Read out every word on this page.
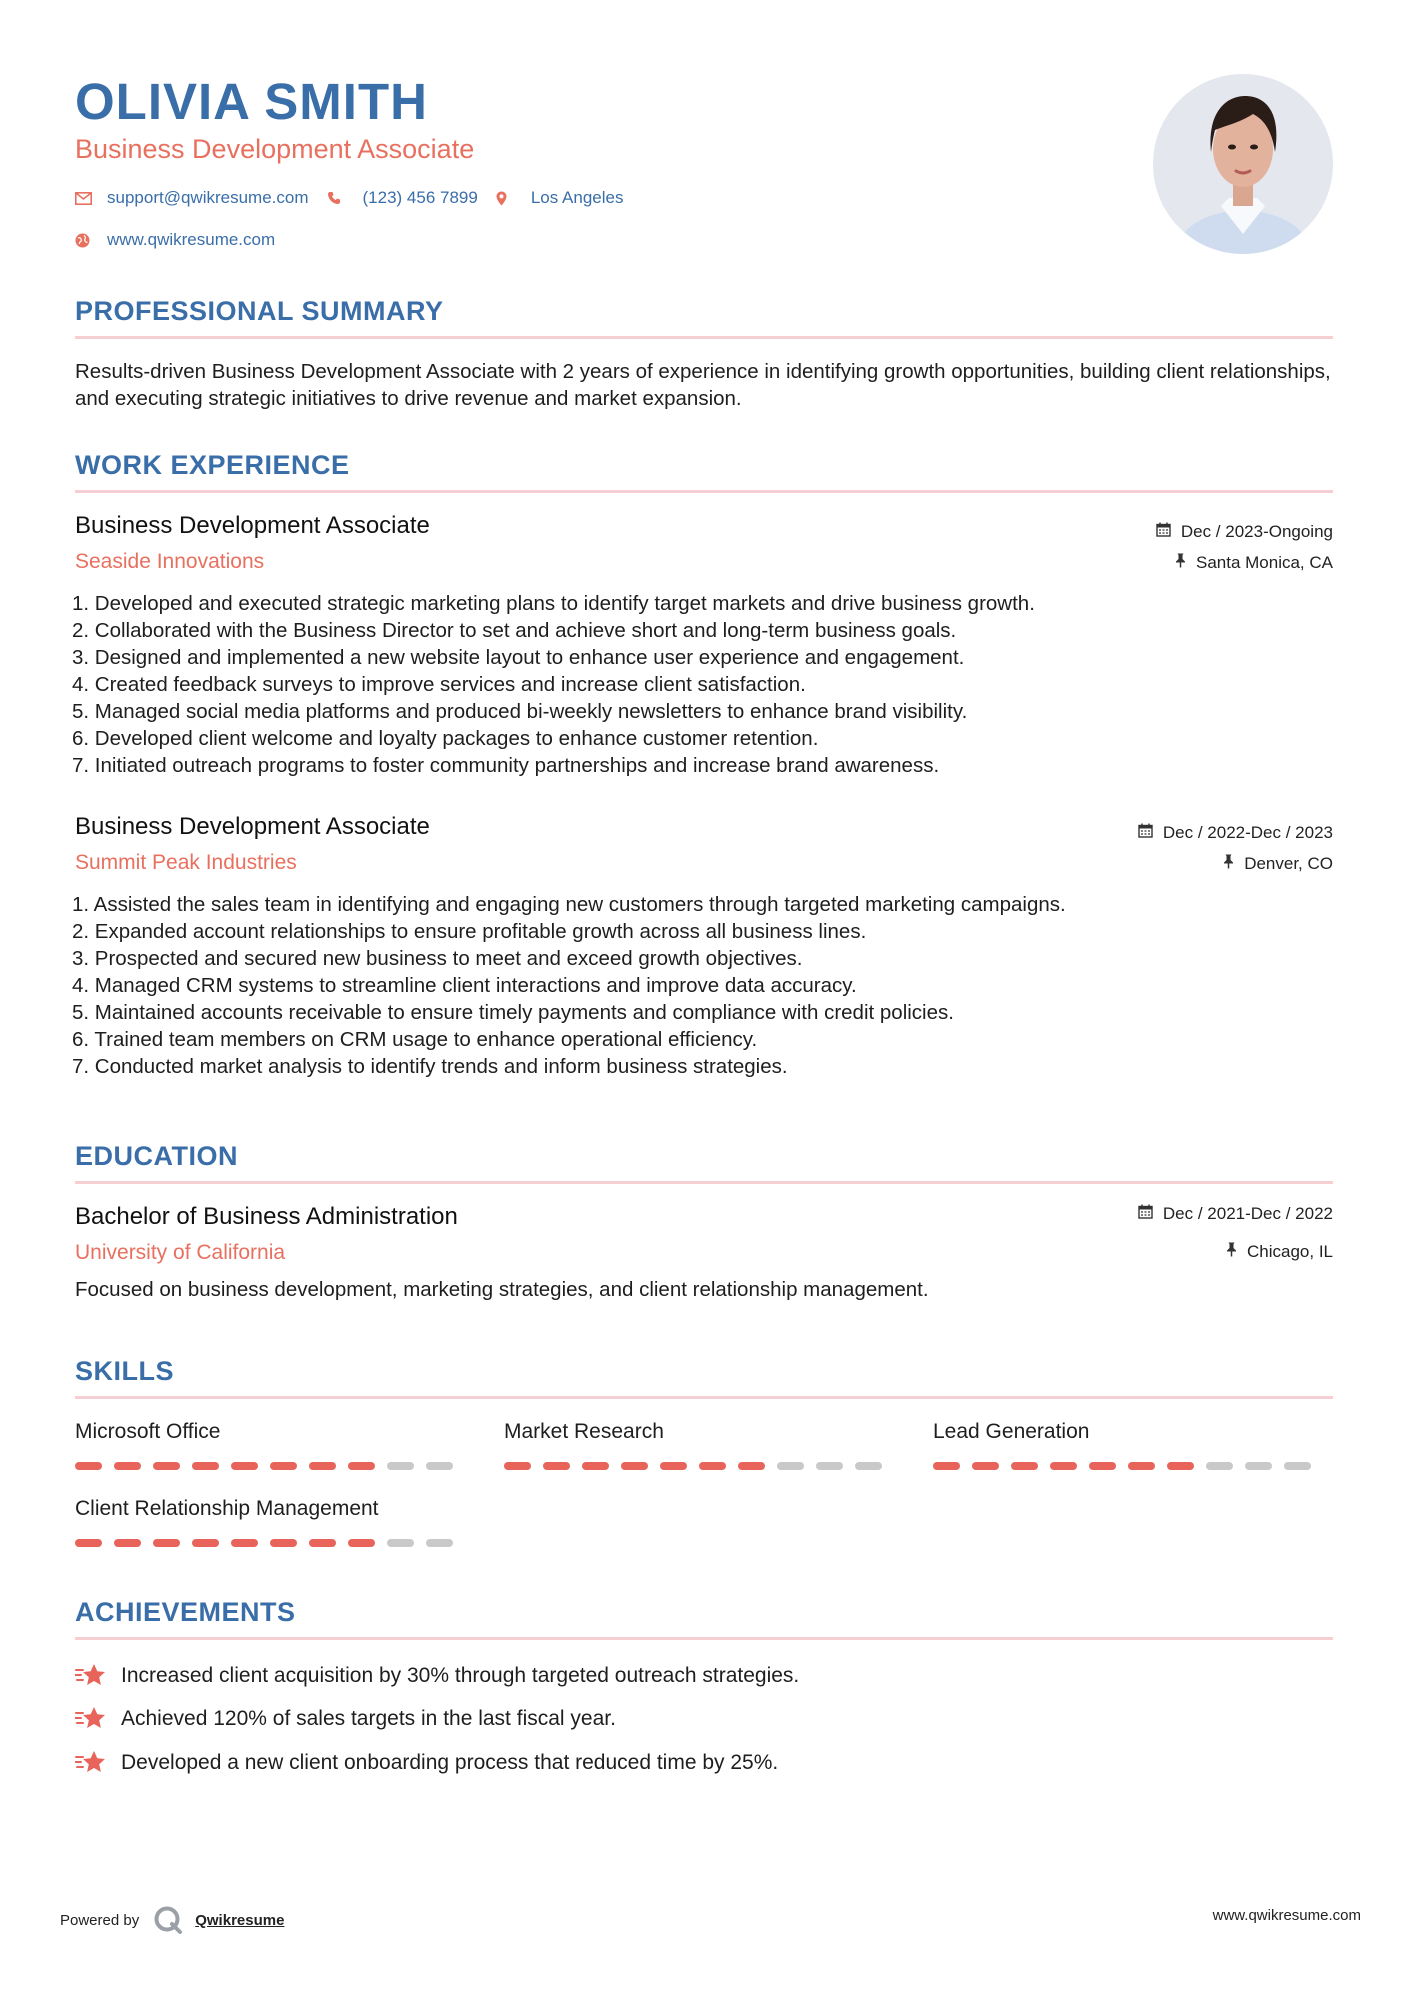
OLIVIA SMITH
Business Development Associate
support@qwikresume.com	(123) 456 7899	Los Angeles
www.qwikresume.com
PROFESSIONAL SUMMARY
Results-driven Business Development Associate with 2 years of experience in identifying growth opportunities, building client relationships, and executing strategic initiatives to drive revenue and market expansion.
WORK EXPERIENCE
Business Development Associate
Seaside Innovations
Dec / 2023-Ongoing
Santa Monica, CA
1. Developed and executed strategic marketing plans to identify target markets and drive business growth.
2. Collaborated with the Business Director to set and achieve short and long-term business goals.
3. Designed and implemented a new website layout to enhance user experience and engagement.
4. Created feedback surveys to improve services and increase client satisfaction.
5. Managed social media platforms and produced bi-weekly newsletters to enhance brand visibility.
6. Developed client welcome and loyalty packages to enhance customer retention.
7. Initiated outreach programs to foster community partnerships and increase brand awareness.
Business Development Associate
Summit Peak Industries
Dec / 2022-Dec / 2023
Denver, CO
1. Assisted the sales team in identifying and engaging new customers through targeted marketing campaigns.
2. Expanded account relationships to ensure profitable growth across all business lines.
3. Prospected and secured new business to meet and exceed growth objectives.
4. Managed CRM systems to streamline client interactions and improve data accuracy.
5. Maintained accounts receivable to ensure timely payments and compliance with credit policies.
6. Trained team members on CRM usage to enhance operational efficiency.
7. Conducted market analysis to identify trends and inform business strategies.
EDUCATION
Bachelor of Business Administration
University of California
Dec / 2021-Dec / 2022
Chicago, IL
Focused on business development, marketing strategies, and client relationship management.
SKILLS
Microsoft Office	Market Research	Lead Generation
Client Relationship Management
ACHIEVEMENTS
Increased client acquisition by 30% through targeted outreach strategies.
Achieved 120% of sales targets in the last fiscal year.
Developed a new client onboarding process that reduced time by 25%.
Powered by	Qwikresume	www.qwikresume.com
